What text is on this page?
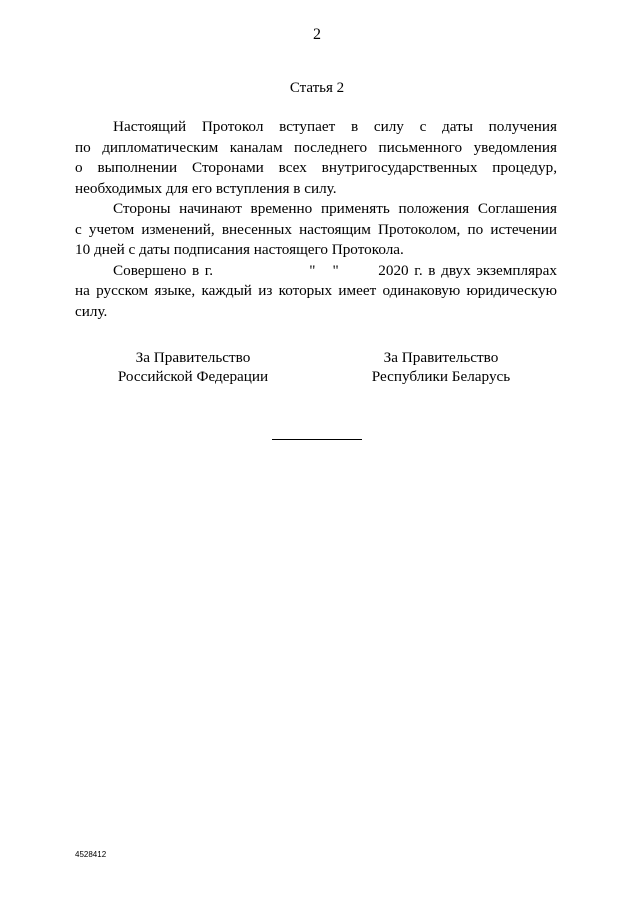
2
Статья 2

Настоящий Протокол вступает в силу с даты получения
по дипломатическим каналам последнего письменного уведомления
о выполнении Сторонами всех внутригосударственных процедур,
необходимых для его вступления в силу.

Стороны начинают временно применять положения Соглашения
с учетом изменений, внесенных настоящим Протоколом, по истечении
10 дней с даты подписания настоящего Протокола.

Совершено в г.                 "   "       2020 г. в двух экземплярах
на русском языке, каждый из которых имеет одинаковую юридическую
силу.

За Правительство
Российской Федерации
За Правительство
Республики Беларусь
4528412
